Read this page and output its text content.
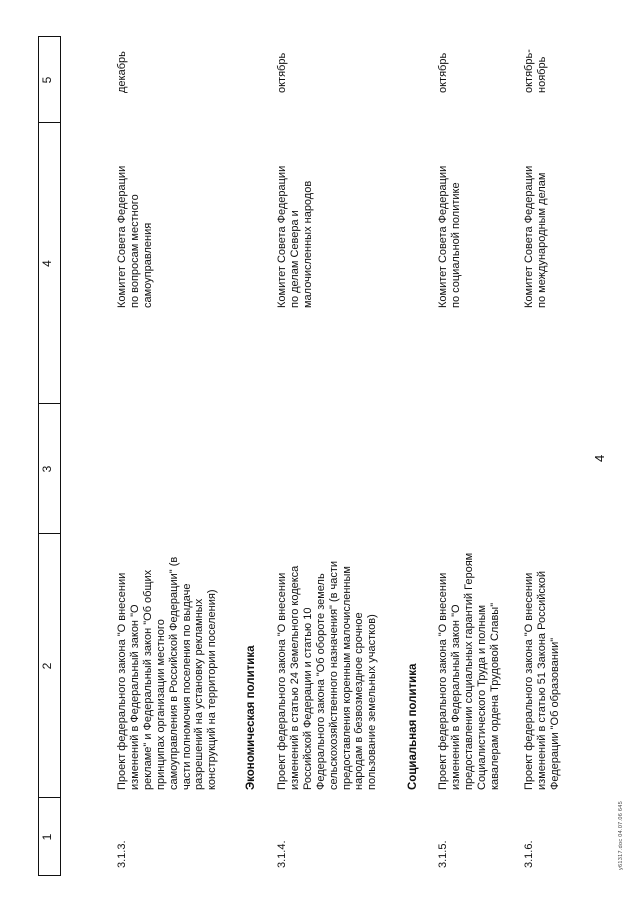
4
1
2
3
4
5
3.1.3.
Проект федерального закона "О внесении
изменений в Федеральный закон "О
рекламе" и Федеральный закон "Об общих
принципах организации местного
самоуправления в Российской Федерации" (в
части полномочия поселения по выдаче
разрешений на установку рекламных
конструкций на территории поселения)
Комитет Совета Федерации
по вопросам местного
самоуправления
декабрь
Экономическая политика
3.1.4.
Проект федерального закона "О внесении
изменений в статью 24 Земельного кодекса
Российской Федерации и статью 10
Федерального закона "Об обороте земель
сельскохозяйственного назначения" (в части
предоставления коренным малочисленным
народам в безвозмездное срочное
пользование земельных участков)
Комитет Совета Федерации
по делам Севера и
малочисленных народов
октябрь
Социальная политика
3.1.5.
Проект федерального закона "О внесении
изменений в Федеральный закон "О
предоставлении социальных гарантий Героям
Социалистического Труда и полным
кавалерам ордена Трудовой Славы"
Комитет Совета Федерации
по социальной политике
октябрь
3.1.6.
Проект федерального закона "О внесении
изменений в статью 51 Закона Российской
Федерации "Об образовании"
Комитет Совета Федерации
по международным делам
октябрь-
ноябрь
y61317.doc 04.07.06 645
